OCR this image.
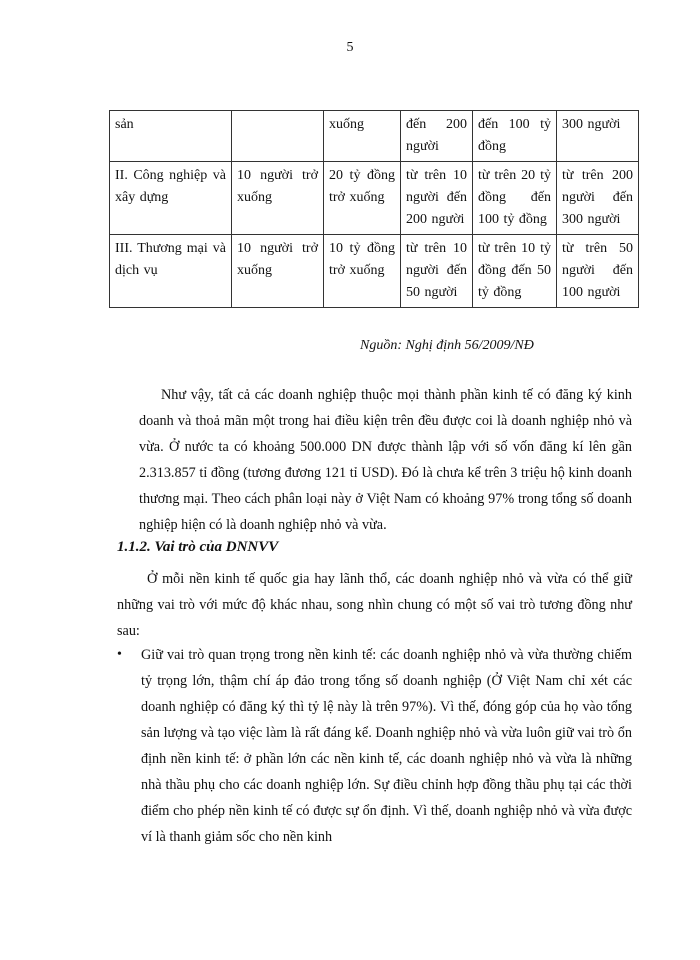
5
sản		xuống	đến 200 người	đến 100 tỷ đồng	300 người
II. Công nghiệp và xây dựng	10 người trở xuống	20 tỷ đồng trở xuống	từ trên 10 người đến 200 người	từ trên 20 tỷ đồng đến 100 tỷ đồng	từ trên 200 người đến 300 người
III. Thương mại và dịch vụ	10 người trở xuống	10 tỷ đồng trở xuống	từ trên 10 người đến 50 người	từ trên 10 tỷ đồng đến 50 tỷ đồng	từ trên 50 người đến 100 người
Nguồn: Nghị định 56/2009/NĐ
Như vậy, tất cả các doanh nghiệp thuộc mọi thành phần kinh tế có đăng ký kinh doanh và thoả mãn một trong hai điều kiện trên đều được coi là doanh nghiệp nhỏ và vừa. Ở nước ta có khoảng 500.000 DN được thành lập với số vốn đăng kí lên gần 2.313.857 tỉ đồng (tương đương 121 tỉ USD). Đó là chưa kể trên 3 triệu hộ kinh doanh thương mại. Theo cách phân loại này ở Việt Nam có khoảng 97% trong tổng số doanh nghiệp hiện có là doanh nghiệp nhỏ và vừa.
1.1.2. Vai trò của DNNVV
Ở mỗi nền kinh tế quốc gia hay lãnh thổ, các doanh nghiệp nhỏ và vừa có thể giữ những vai trò với mức độ khác nhau, song nhìn chung có một số vai trò tương đồng như sau:
• Giữ vai trò quan trọng trong nền kinh tế: các doanh nghiệp nhỏ và vừa thường chiếm tỷ trọng lớn, thậm chí áp đảo trong tổng số doanh nghiệp (Ở Việt Nam chỉ xét các doanh nghiệp có đăng ký thì tỷ lệ này là trên 97%). Vì thế, đóng góp của họ vào tổng sản lượng và tạo việc làm là rất đáng kể. Doanh nghiệp nhỏ và vừa luôn giữ vai trò ổn định nền kinh tế: ở phần lớn các nền kinh tế, các doanh nghiệp nhỏ và vừa là những nhà thầu phụ cho các doanh nghiệp lớn. Sự điều chỉnh hợp đồng thầu phụ tại các thời điểm cho phép nền kinh tế có được sự ổn định. Vì thế, doanh nghiệp nhỏ và vừa được ví là thanh giảm sốc cho nền kinh
